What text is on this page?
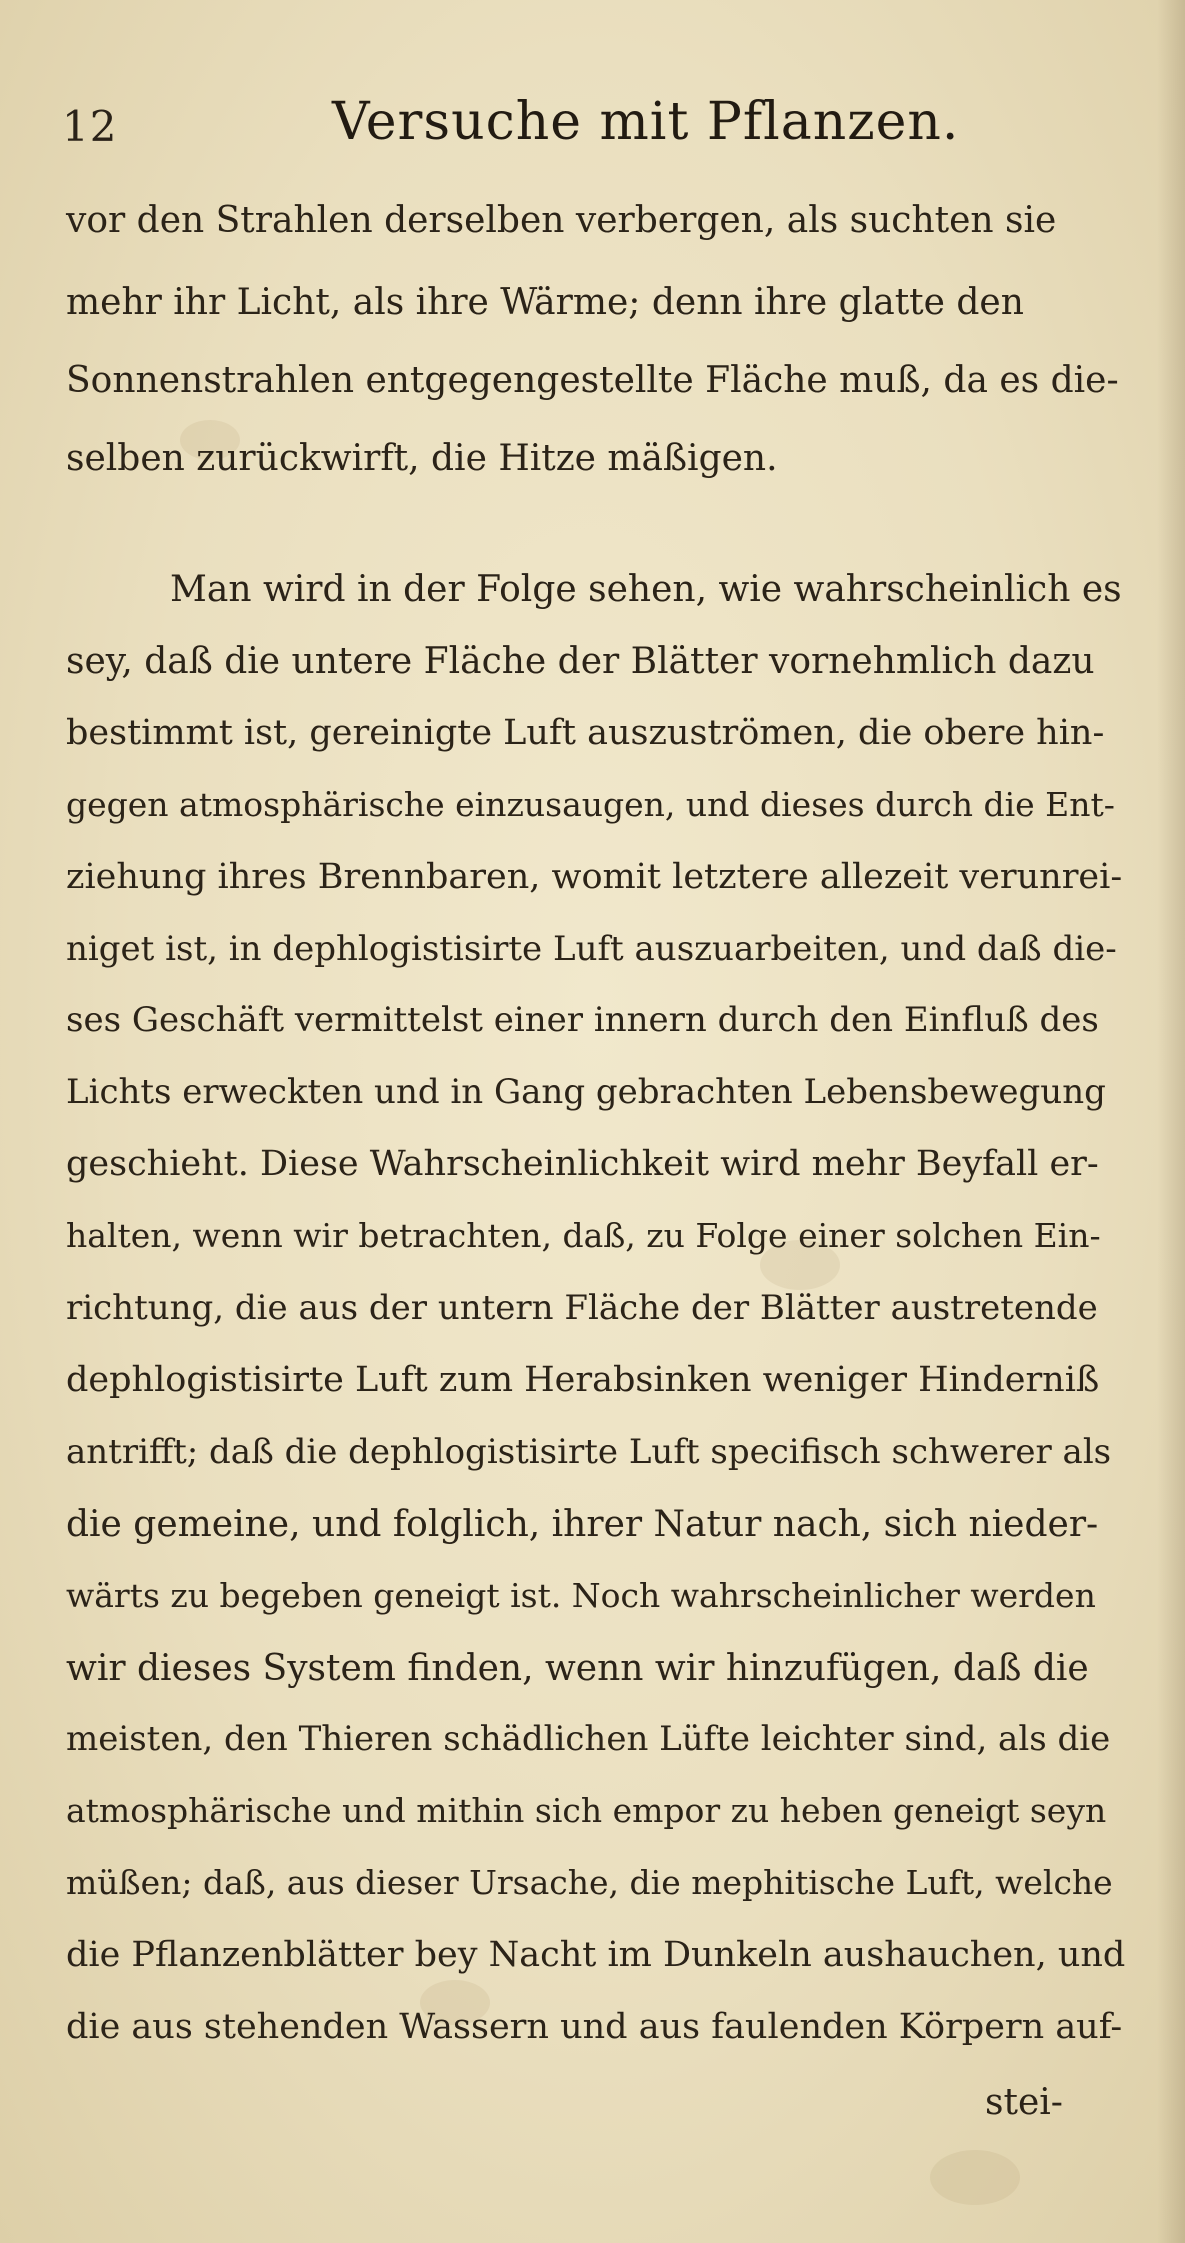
12	Versuche mit Pflanzen.
vor den Strahlen derselben verbergen, als suchten sie
mehr ihr Licht, als ihre Wärme; denn ihre glatte den
Sonnenstrahlen entgegengestellte Fläche muß, da es die-
selben zurückwirft, die Hitze mäßigen.
Man wird in der Folge sehen, wie wahrscheinlich es
sey, daß die untere Fläche der Blätter vornehmlich dazu
bestimmt ist, gereinigte Luft auszuströmen, die obere hin-
gegen atmosphärische einzusaugen, und dieses durch die Ent-
ziehung ihres Brennbaren, womit letztere allezeit verunrei-
niget ist, in dephlogistisirte Luft auszuarbeiten, und daß die-
ses Geschäft vermittelst einer innern durch den Einfluß des
Lichts erweckten und in Gang gebrachten Lebensbewegung
geschieht. Diese Wahrscheinlichkeit wird mehr Beyfall er-
halten, wenn wir betrachten, daß, zu Folge einer solchen Ein-
richtung, die aus der untern Fläche der Blätter austretende
dephlogistisirte Luft zum Herabsinken weniger Hinderniß
antrifft; daß die dephlogistisirte Luft specifisch schwerer als
die gemeine, und folglich, ihrer Natur nach, sich nieder-
wärts zu begeben geneigt ist. Noch wahrscheinlicher werden
wir dieses System finden, wenn wir hinzufügen, daß die
meisten, den Thieren schädlichen Lüfte leichter sind, als die
atmosphärische und mithin sich empor zu heben geneigt seyn
müßen; daß, aus dieser Ursache, die mephitische Luft, welche
die Pflanzenblätter bey Nacht im Dunkeln aushauchen, und
die aus stehenden Wassern und aus faulenden Körpern auf-
stei-
